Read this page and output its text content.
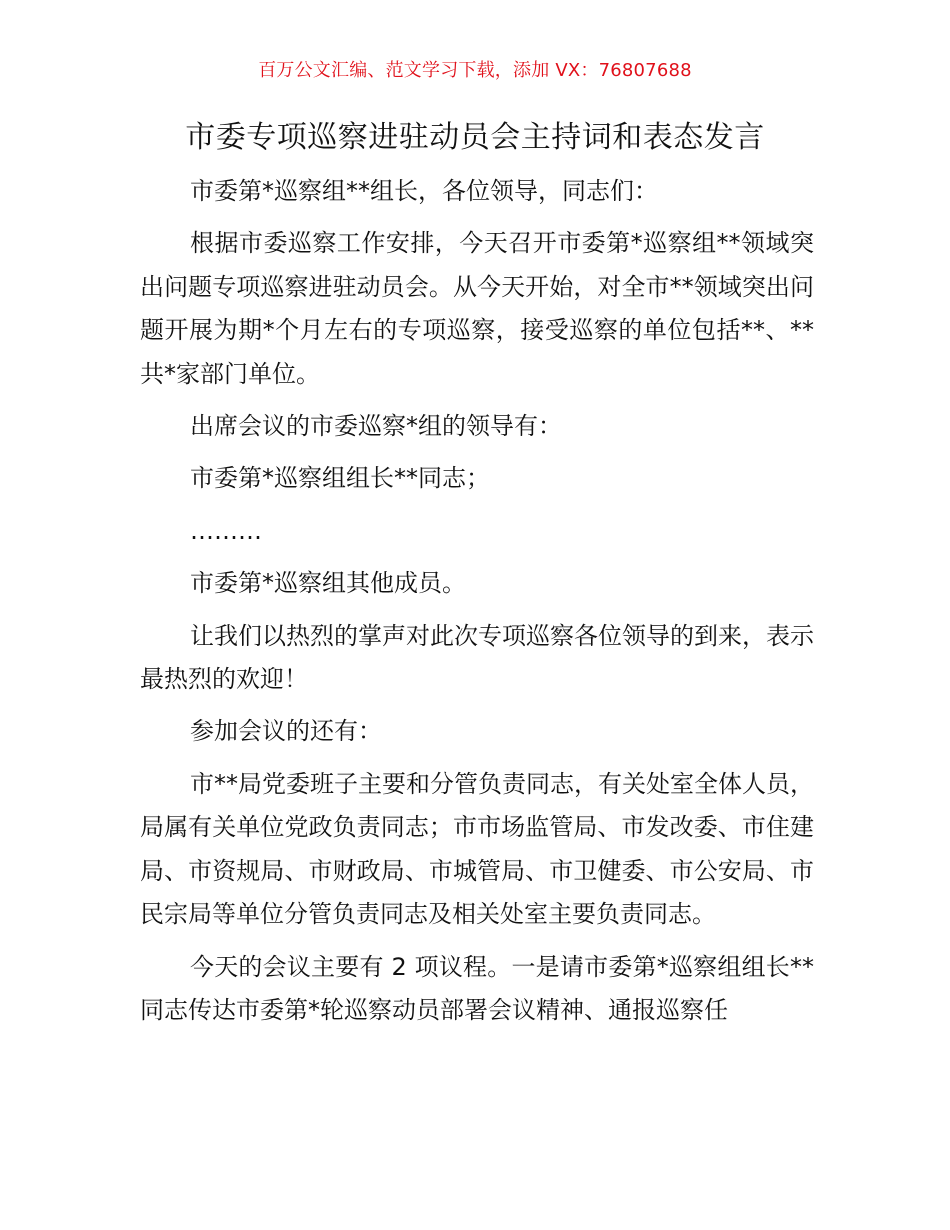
百万公文汇编、范文学习下载，添加 VX：76807688
市委专项巡察进驻动员会主持词和表态发言

市委第*巡察组**组长，各位领导，同志们：

根据市委巡察工作安排，今天召开市委第*巡察组**领域突出问题专项巡察进驻动员会。从今天开始，对全市**领域突出问题开展为期*个月左右的专项巡察，接受巡察的单位包括**、**共*家部门单位。

出席会议的市委巡察*组的领导有：

市委第*巡察组组长**同志；

………

市委第*巡察组其他成员。

让我们以热烈的掌声对此次专项巡察各位领导的到来，表示最热烈的欢迎！

参加会议的还有：

市**局党委班子主要和分管负责同志，有关处室全体人员，局属有关单位党政负责同志；市市场监管局、市发改委、市住建局、市资规局、市财政局、市城管局、市卫健委、市公安局、市民宗局等单位分管负责同志及相关处室主要负责同志。

今天的会议主要有 2 项议程。一是请市委第*巡察组组长**同志传达市委第*轮巡察动员部署会议精神、通报巡察任
